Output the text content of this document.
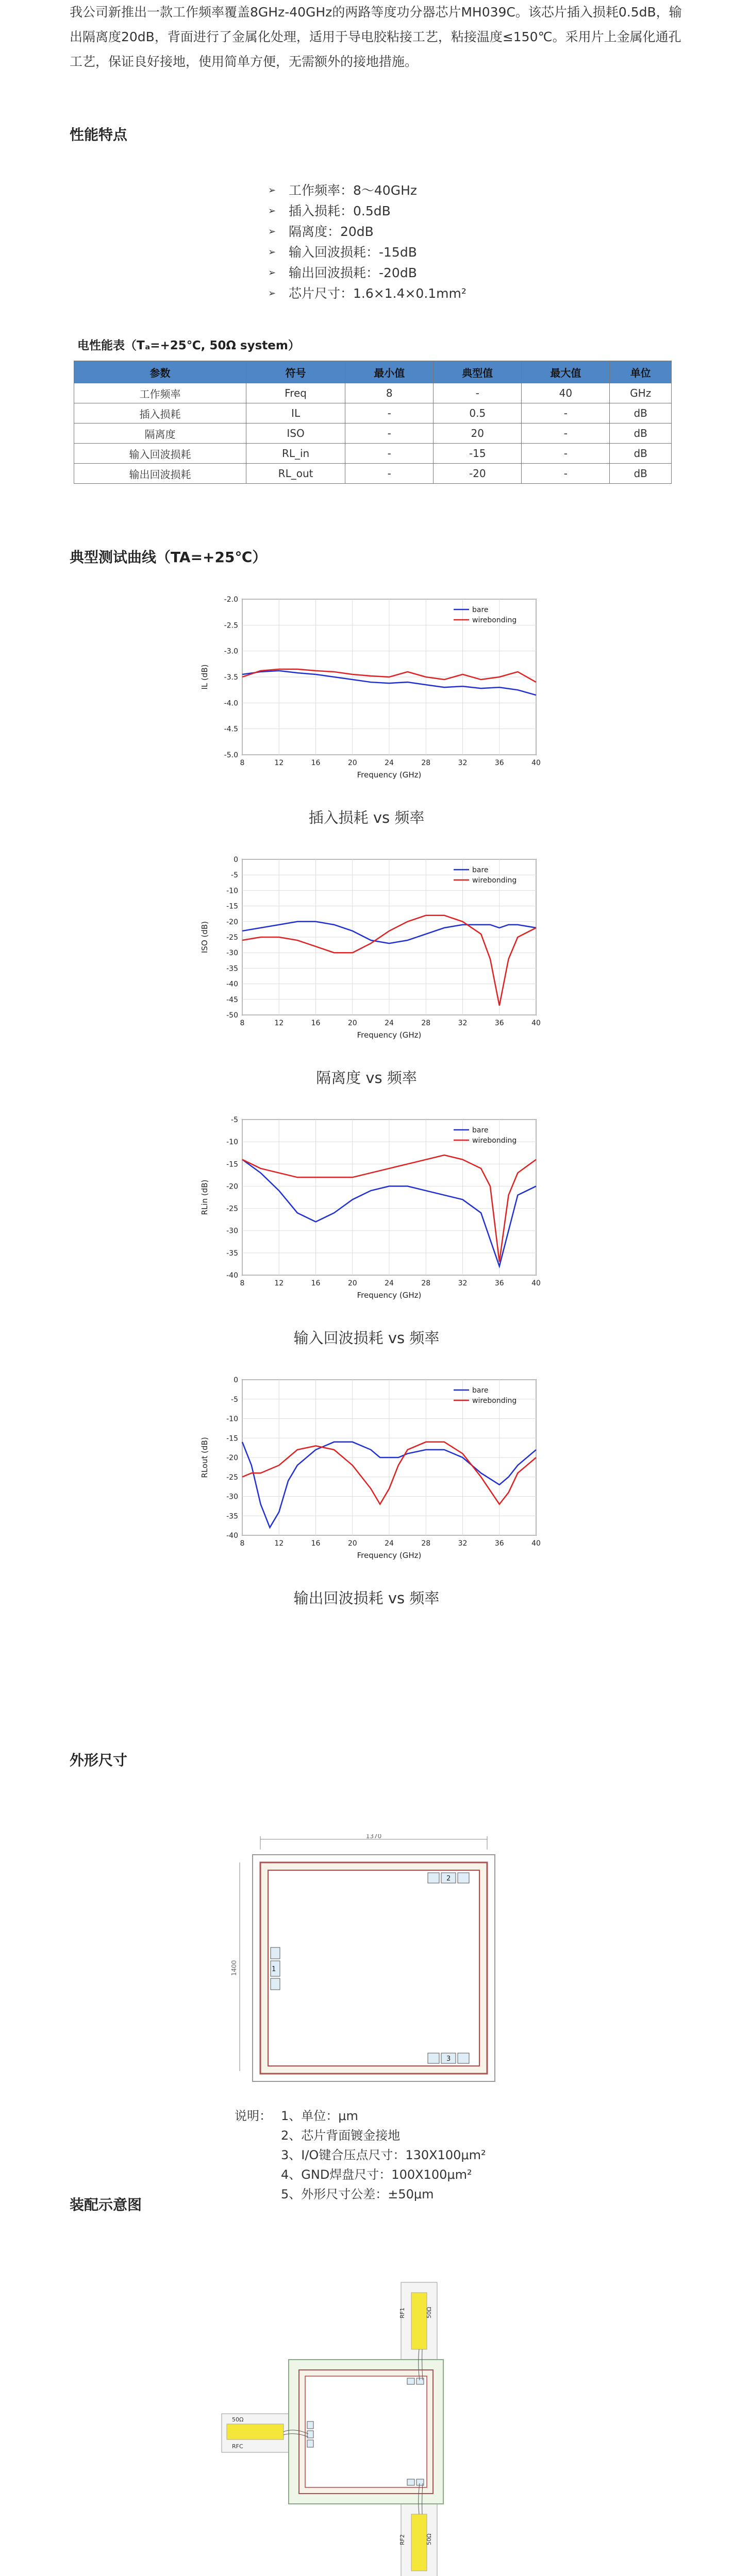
我公司新推出一款工作频率覆盖8GHz-40GHz的两路等度功分器芯片MH039C。该芯片插入损耗0.5dB，输出隔离度20dB，背面进行了金属化处理，适用于导电胶粘接工艺，粘接温度≤150℃。采用片上金属化通孔工艺，保证良好接地，使用简单方便，无需额外的接地措施。
性能特点
➢ 工作频率：8～40GHz
➢ 插入损耗：0.5dB
➢ 隔离度：20dB
➢ 输入回波损耗：-15dB
➢ 输出回波损耗：-20dB
➢ 芯片尺寸：1.6×1.4×0.1mm²
电性能表（Tₐ=+25℃, 50Ω system）
参数	符号	最小值	典型值	最大值	单位
工作频率	Freq	8	-	40	GHz
插入损耗	IL	-	0.5	-	dB
隔离度	ISO	-	20	-	dB
输入回波损耗	RL_in	-	-15	-	dB
输出回波损耗	RL_out	-	-20	-	dB
典型测试曲线（TA=+25℃）
8	12	16	20	24	28	32	36	40
-5.0
-4.5
-4.0
-3.5
-3.0
-2.5
-2.0
Frequency (GHz)
IL (dB)
bare
wirebonding
插入损耗 vs 频率
8	12	16	20	24	28	32	36	40
-50
-45
-40
-35
-30
-25
-20
-15
-10
-5
0
Frequency (GHz)
ISO (dB)
bare
wirebonding
隔离度 vs 频率
8	12	16	20	24	28	32	36	40
-40
-35
-30
-25
-20
-15
-10
-5
Frequency (GHz)
RLin (dB)
bare
wirebonding
输入回波损耗 vs 频率
8	12	16	20	24	28	32	36	40
-40
-35
-30
-25
-20
-15
-10
-5
0
Frequency (GHz)
RLout (dB)
bare
wirebonding
输出回波损耗 vs 频率
外形尺寸
1370
1400	1
2
3
说明： 1、单位：μm
2、芯片背面镀金接地
3、I/O键合压点尺寸：130X100μm²
4、GND焊盘尺寸：100X100μm²
5、外形尺寸公差：±50μm
装配示意图
RF1	50Ω
RF2	50Ω
50Ω
RFC
